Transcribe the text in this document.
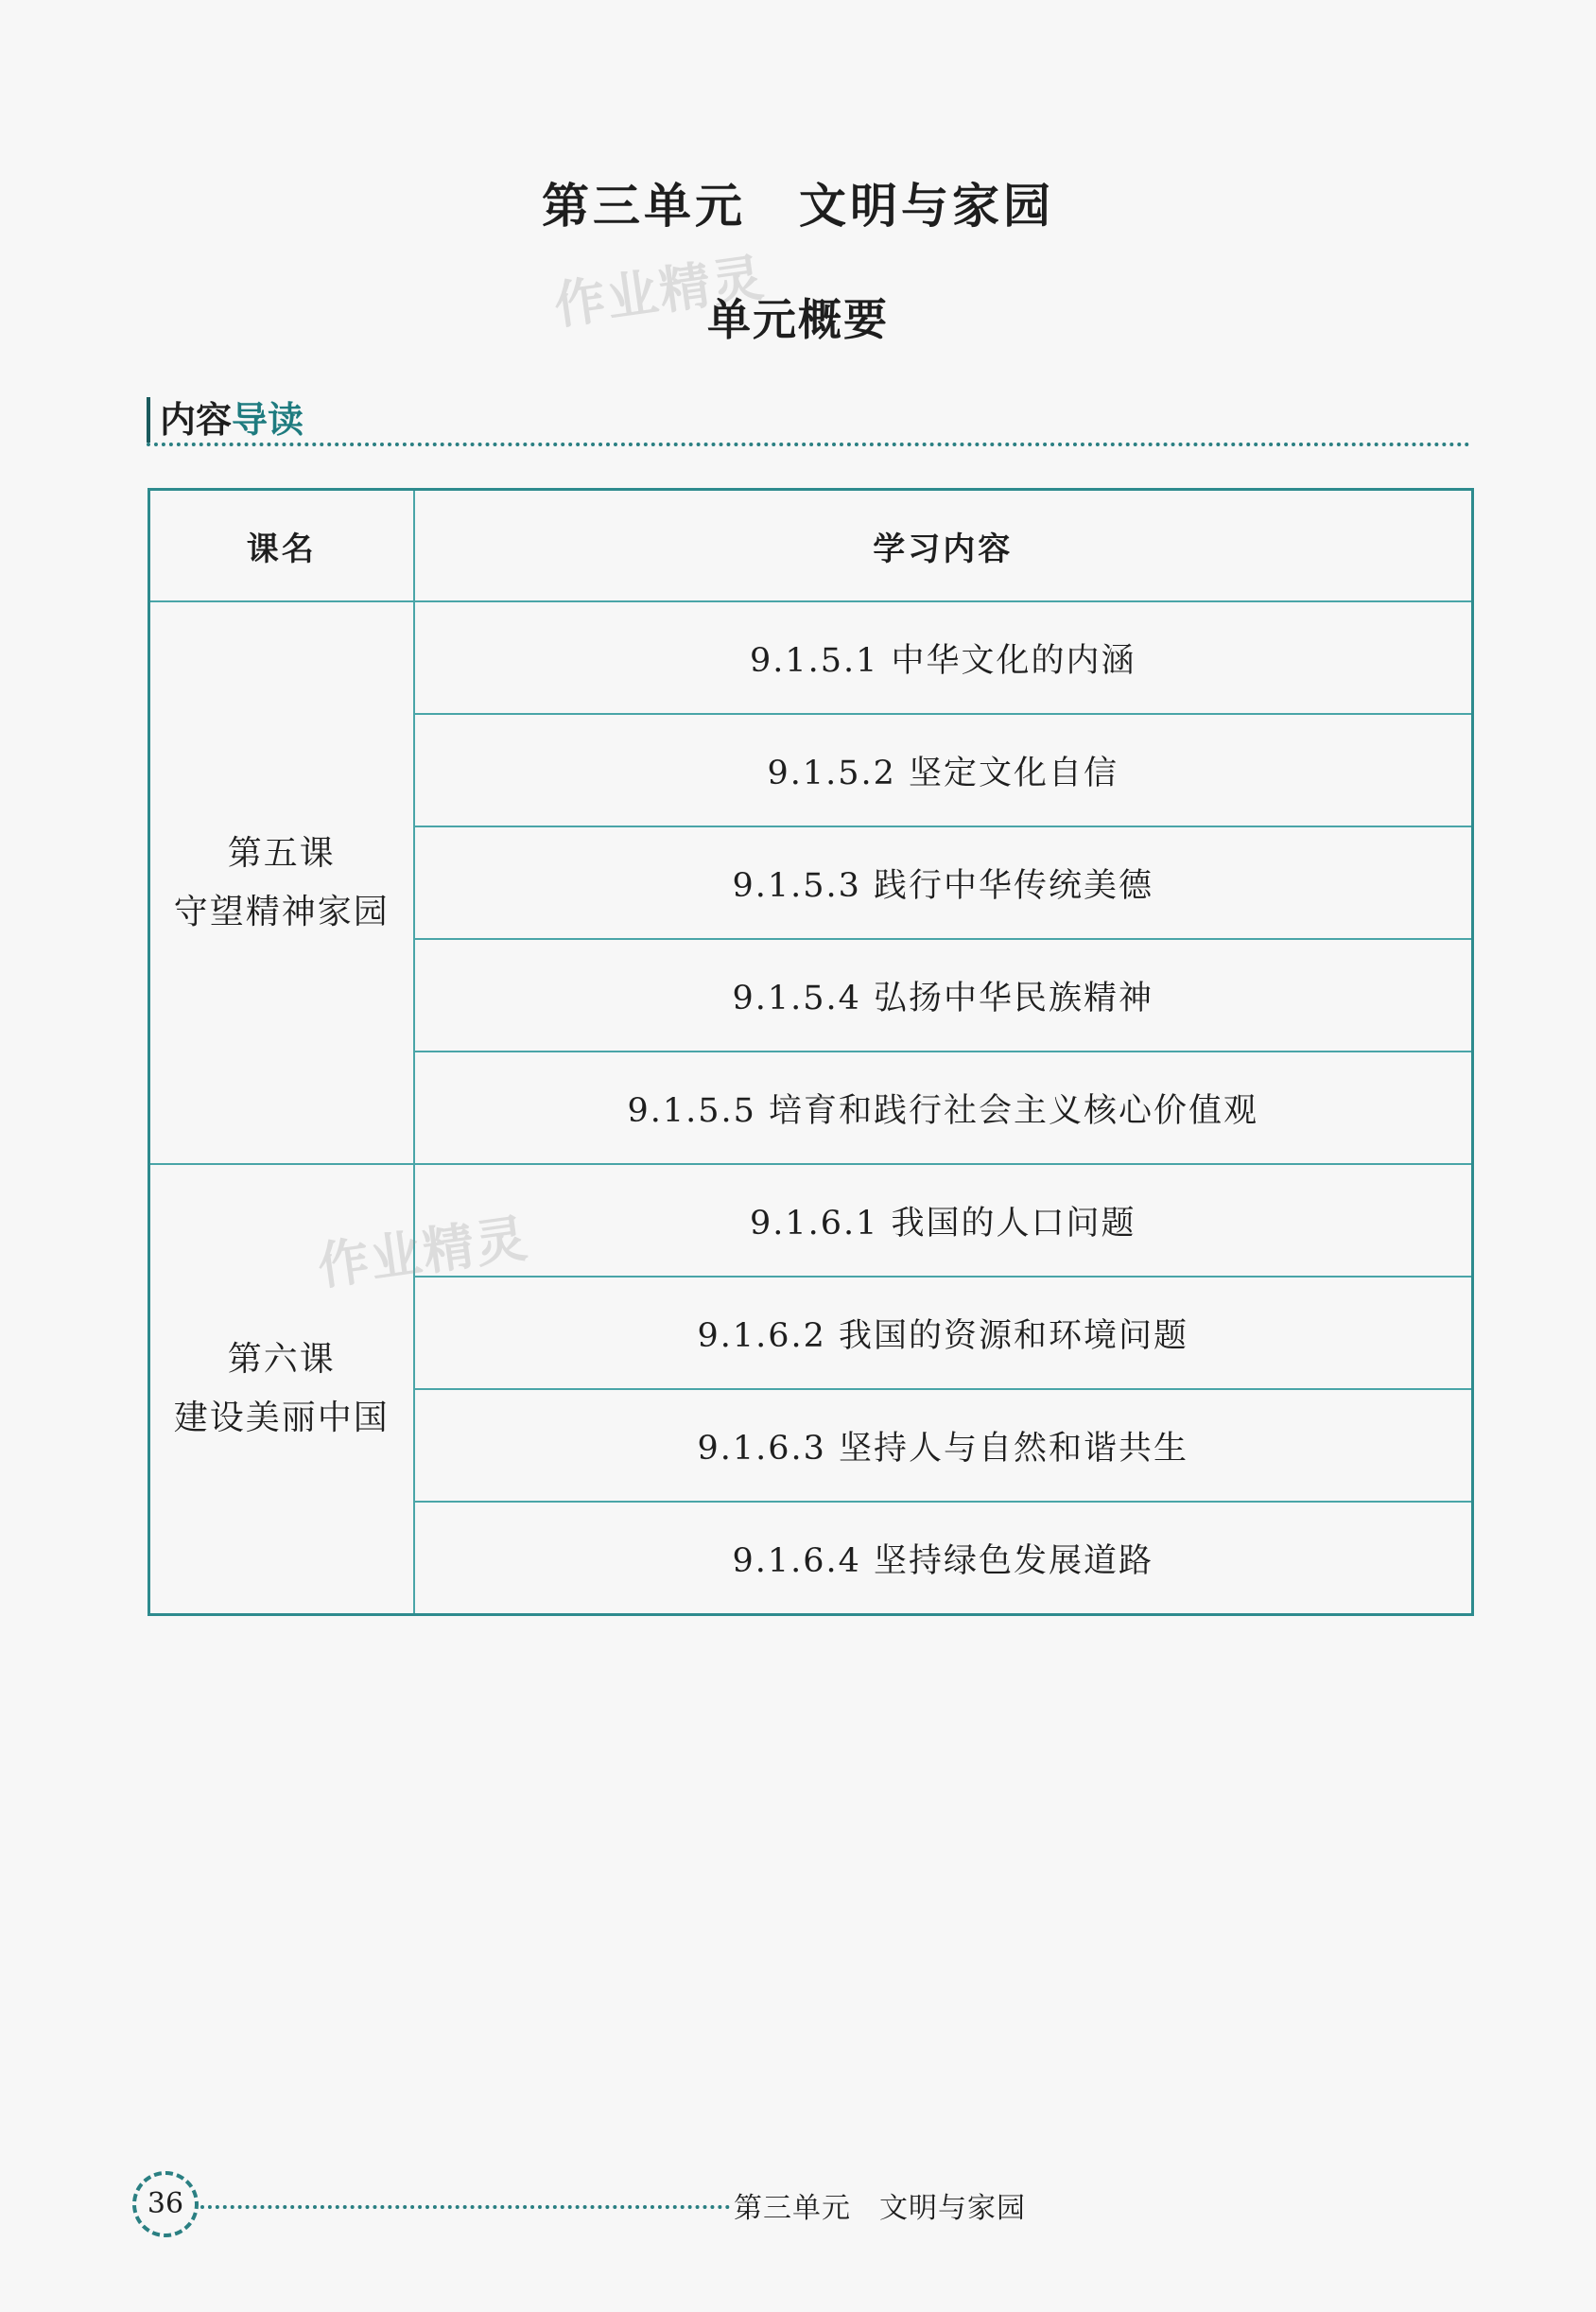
第三单元 文明与家园
作业精灵
单元概要
内容导读
课名	学习内容

第五课
守望精神家园	9.1.5.1 中华文化的内涵
	9.1.5.2 坚定文化自信
	9.1.5.3 践行中华传统美德
	9.1.5.4 弘扬中华民族精神
	9.1.5.5 培育和践行社会主义核心价值观

第六课
建设美丽中国	9.1.6.1 我国的人口问题
	9.1.6.2 我国的资源和环境问题
	9.1.6.3 坚持人与自然和谐共生
	9.1.6.4 坚持绿色发展道路
作业精灵
36	第三单元 文明与家园
